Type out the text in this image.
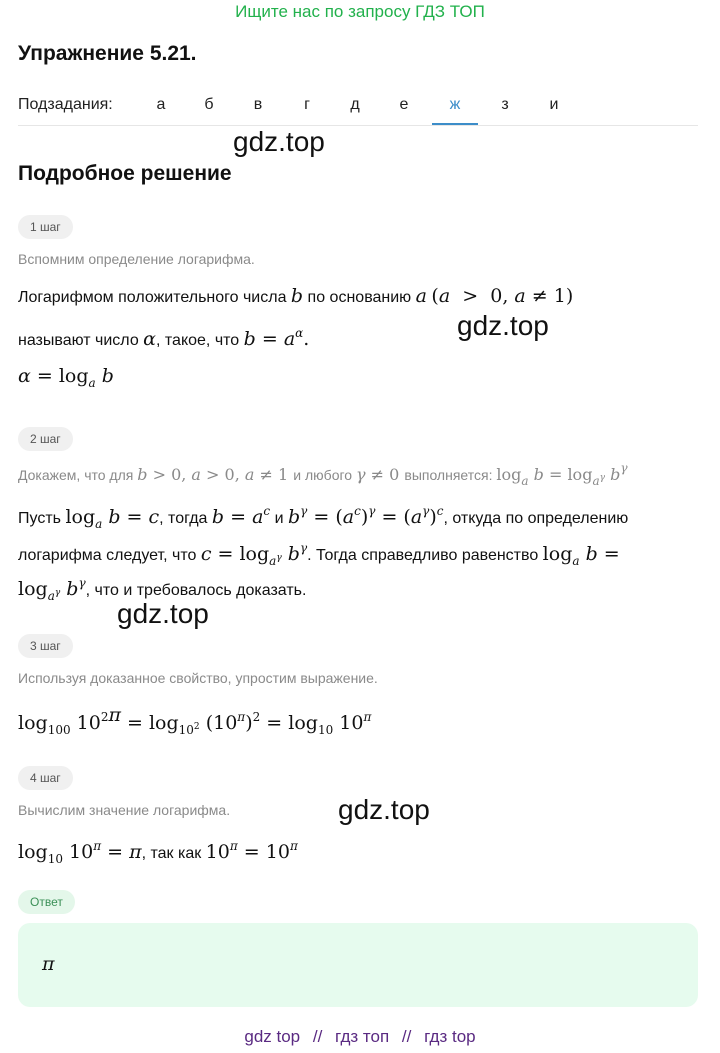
Ищите нас по запросу ГДЗ ТОП
Упражнение 5.21.
Подзадания:	а	б	в	г	д	е	ж	з	и
gdz.top
Подробное решение
1 шаг
Вспомним определение логарифма.
Логарифмом положительного числа b по основанию a (a  >  0, a ≠ 1)
называют число α, такое, что $b = a^\alpha$.	gdz.top
$\alpha = \log_a b$
2 шаг
Докажем, что для b > 0, a > 0, a ≠ 1 и любого γ ≠ 0 выполняется: loga b = loga$^\gamma$ bγ
Пусть $\log_a b = c$, тогда $b = a^c$ и $b^\gamma = (a^c)^\gamma = (a^\gamma)^c$, откуда по определению
логарифма следует, что $c = \log_{a^\gamma} b^\gamma$. Тогда справедливо равенство $\log_a b$ =
$\log_{a^\gamma} b^\gamma$, что и требовалось доказать.
gdz.top
3 шаг
Используя доказанное свойство, упростим выражение.
$\log_{100} 10^{2\pi} = \log_{10^2} (10^\pi)^2 = \log_{10} 10^\pi$
4 шаг
Вычислим значение логарифма.	gdz.top
$\log_{10} 10^\pi = \pi$, так как $10^\pi = 10^\pi$
Ответ
π
gdz top // гдз топ // гдз top
